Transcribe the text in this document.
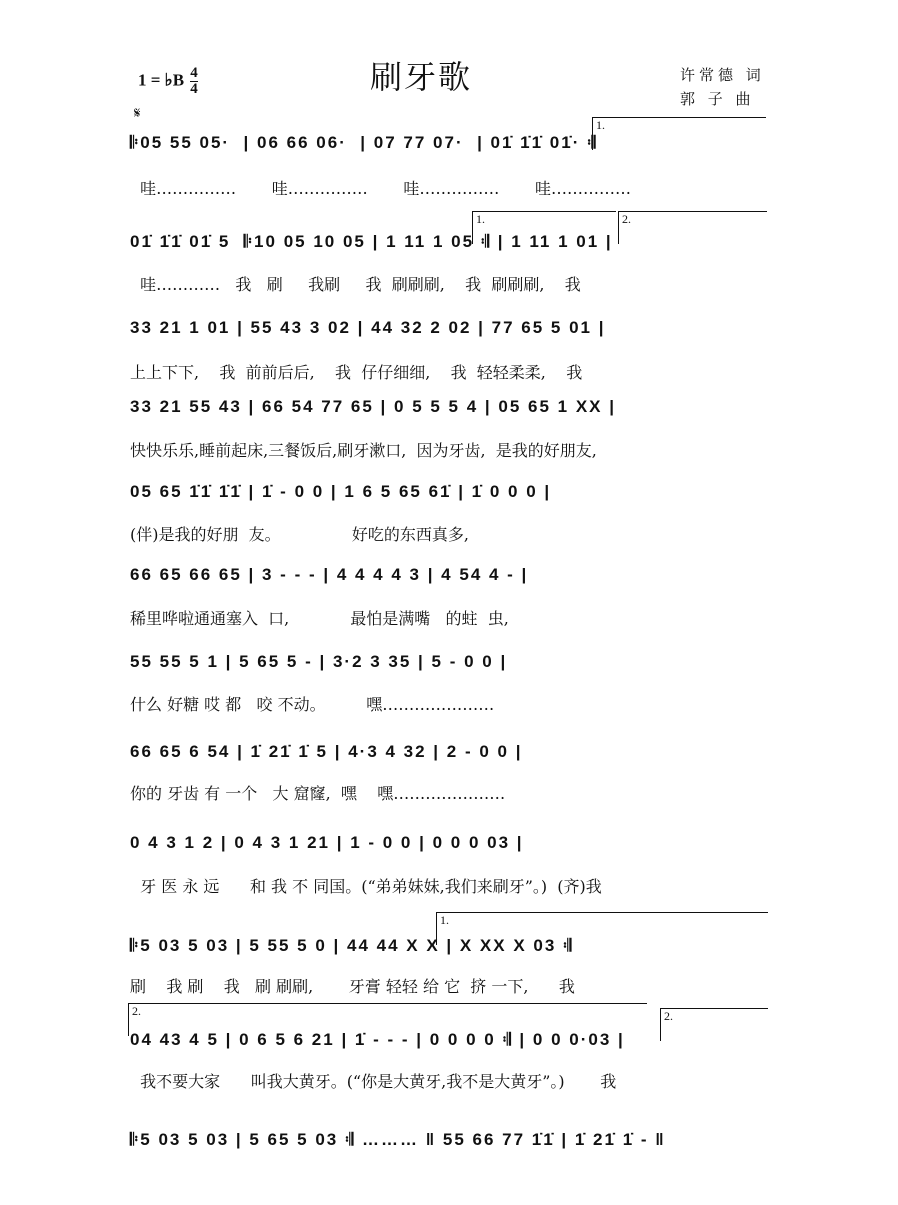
刷牙歌	许常德 词
郭 子 曲
1 = ♭B $\frac{4}{4}$
𝄋
1.
𝄆05 55 05·  | 06 66 06·  | 07 77 07·  | 01̇ 1̇1̇ 01̇· 𝄇
哇……………       哇……………       哇……………       哇……………
1.	2.
01̇ 1̇1̇ 01̇ 5  𝄆10 05 10 05 | 1 11 1 05 𝄇 | 1 11 1 01 |
哇…………   我   刷     我刷     我  刷刷刷,    我  刷刷刷,    我
33 21 1 01 | 55 43 3 02 | 44 32 2 02 | 77 65 5 01 |
上上下下,    我  前前后后,    我  仔仔细细,    我  轻轻柔柔,    我
33 21 55 43 | 66 54 77 65 | 0 5 5 5 4 | 05 65 1 XX |
快快乐乐,睡前起床,三餐饭后,刷牙漱口,  因为牙齿,  是我的好朋友,
05 65 1̇1̇ 1̇1̇ | 1̇ - 0 0 | 1 6 5 65 61̇ | 1̇ 0 0 0 |
(伴)是我的好朋  友。              好吃的东西真多,
66 65 66 65 | 3 - - - | 4 4 4 4 3 | 4 54 4 - |
稀里哗啦通通塞入  口,            最怕是满嘴   的蛀  虫,
55 55 5 1 | 5 65 5 - | 3·2 3 35 | 5 - 0 0 |
什么 好糖 哎 都   咬 不动。        嘿…………………
66 65 6 54 | 1̇ 21̇ 1̇ 5 | 4·3 4 32 | 2 - 0 0 |
你的 牙齿 有 一个   大 窟窿,  嘿    嘿…………………
0 4 3 1 2 | 0 4 3 1 21 | 1 - 0 0 | 0 0 0 03 |
牙 医 永 远      和 我 不 同国。(“弟弟妹妹,我们来刷牙”。)  (齐)我
1.
𝄆5 03 5 03 | 5 55 5 0 | 44 44 X X | X XX X 03 𝄇
刷    我 刷    我   刷 刷刷,       牙膏 轻轻 给 它  挤 一下,      我
2.	2.
04 43 4 5 | 0 6 5 6 21 | 1̇ - - - | 0 0 0 0 𝄇 | 0 0 0·03 |
我不要大家      叫我大黄牙。(“你是大黄牙,我不是大黄牙”。)       我
𝄆5 03 5 03 | 5 65 5 03 𝄇 ……… ‖ 55 66 77 1̇1̇ | 1̇ 21̇ 1̇ - ‖
